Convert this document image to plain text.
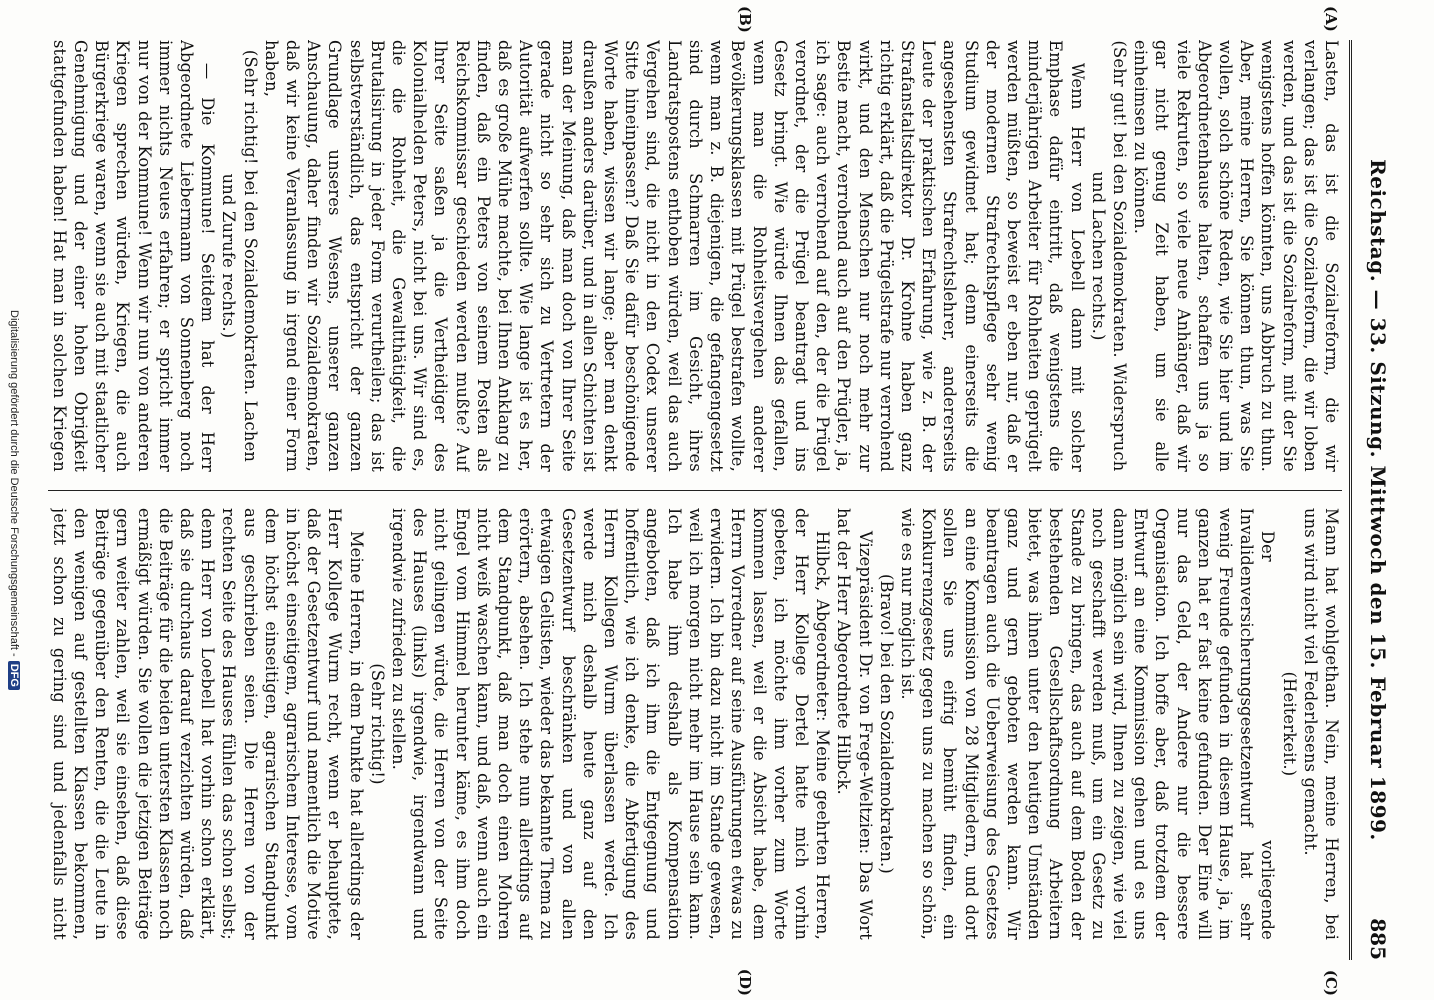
Reichstag. — 33. Sitzung. Mittwoch den 15. Februar 1899.
885
(A)
(B)
(C)
(D)

Lasten, das ist die Sozialreform, die wir verlangen; das ist die Sozialreform, die wir loben werden, und das ist die Sozialreform, mit der Sie wenigstens hoffen könnten, uns Abbruch zu thun. Aber, meine Herren, Sie können thun, was Sie wollen, solch schöne Reden, wie Sie hier und im Abgeordnetenhause halten, schaffen uns ja so viele Rekruten, so viele neue Anhänger, daß wir gar nicht genug Zeit haben, um sie alle einheimsen zu können.

(Sehr gut! bei den Sozialdemokraten. Widerspruch und Lachen rechts.)

Wenn Herr von Loebell dann mit solcher Emphase dafür eintritt, daß wenigstens die minderjährigen Arbeiter für Rohheiten geprügelt werden müßten, so beweist er eben nur, daß er der modernen Strafrechtspflege sehr wenig Studium gewidmet hat; denn einerseits die angesehensten Strafrechtslehrer, andererseits Leute der praktischen Erfahrung, wie z. B. der Strafanstaltsdirektor Dr. Krohne haben ganz richtig erklärt, daß die Prügelstrafe nur verrohend wirkt, und den Menschen nur noch mehr zur Bestie macht, verrohend auch auf den Prügler, ja, ich sage: auch verrohend auf den, der die Prügel verordnet, der die Prügel beantragt und ins Gesetz bringt. Wie würde Ihnen das gefallen, wenn man die Rohheitsvergehen anderer Bevölkerungsklassen mit Prügel bestrafen wollte, wenn man z. B. diejenigen, die gefangengesetzt sind durch Schmarren im Gesicht, ihres Landratspostens enthoben würden, weil das auch Vergehen sind, die nicht in den Codex unserer Sitte hineinpassen? Daß Sie dafür beschönigende Worte haben, wissen wir lange; aber man denkt draußen anders darüber, und in allen Schichten ist man der Meinung, daß man doch von Ihrer Seite gerade nicht so sehr sich zu Vertretern der Autorität aufwerfen sollte. Wie lange ist es her, daß es große Mühe machte, bei Ihnen Anklang zu finden, daß ein Peters von seinem Posten als Reichskommissar geschieden werden mußte? Auf Ihrer Seite saßen ja die Vertheidiger des Kolonialhelden Peters, nicht bei uns. Wir sind es, die die Rohheit, die Gewaltthätigkeit, die Brutalisirung in jeder Form verurtheilen; das ist selbstverständlich, das entspricht der ganzen Grundlage unseres Wesens, unserer ganzen Anschauung, daher finden wir Sozialdemokraten, daß wir keine Veranlassung in irgend einer Form haben,

(Sehr richtig! bei den Sozialdemokraten. Lachen und Zurufe rechts.)

— Die Kommune! Seitdem hat der Herr Abgeordnete Liebermann von Sonnenberg noch immer nichts Neues erfahren; er spricht immer nur von der Kommune! Wenn wir nun von anderen Kriegen sprechen würden, Kriegen, die auch Bürgerkriege waren, wenn sie auch mit staatlicher Genehmigung und der einer hohen Obrigkeit stattgefunden haben! Hat man in solchen Kriegen

Mann hat wohlgethan. Nein, meine Herren, bei uns wird nicht viel Federlesens gemacht.

(Heiterkeit.)

Der vorliegende Invalidenversicherungsgesetzentwurf hat sehr wenig Freunde gefunden in diesem Hause, ja, im ganzen hat er fast keine gefunden. Der Eine will nur das Geld, der Andere nur die bessere Organisation. Ich hoffe aber, daß trotzdem der Entwurf an eine Kommission gehen und es uns dann möglich sein wird, Ihnen zu zeigen, wie viel noch geschafft werden muß, um ein Gesetz zu Stande zu bringen, das auch auf dem Boden der bestehenden Gesellschaftsordnung Arbeitern bietet, was ihnen unter den heutigen Umständen ganz und gern geboten werden kann. Wir beantragen auch die Ueberweisung des Gesetzes an eine Kommission von 28 Mitgliedern, und dort sollen Sie uns eifrig bemüht finden, ein Konkurrenzgesetz gegen uns zu machen so schön, wie es nur möglich ist.

(Bravo! bei den Sozialdemokraten.)

Vizepräsident Dr. von Frege-Weltzien: Das Wort hat der Herr Abgeordnete Hilbck.

Hilbck, Abgeordneter: Meine geehrten Herren, der Herr Kollege Dertel hatte mich vorhin gebeten, ich möchte ihm vorher zum Worte kommen lassen, weil er die Absicht habe, dem Herrn Vorredner auf seine Ausführungen etwas zu erwidern. Ich bin dazu nicht im Stande gewesen, weil ich morgen nicht mehr im Hause sein kann. Ich habe ihm deshalb als Kompensation angeboten, daß ich ihm die Entgegnung und hoffentlich, wie ich denke, die Abfertigung des Herrn Kollegen Wurm überlassen werde. Ich werde mich deshalb heute ganz auf den Gesetzentwurf beschränken und von allen etwaigen Gelüsten, wieder das bekannte Thema zu erörtern, absehen. Ich stehe nun allerdings auf dem Standpunkt, daß man doch einen Mohren nicht weiß waschen kann, und daß, wenn auch ein Engel vom Himmel herunter käme, es ihm doch nicht gelingen würde, die Herren von der Seite des Hauses (links) irgendwie, irgendwann und irgendwie zufrieden zu stellen.

(Sehr richtig!)

Meine Herren, in dem Punkte hat allerdings der Herr Kollege Wurm recht, wenn er behauptete, daß der Gesetzentwurf und namentlich die Motive in höchst einseitigem, agrarischem Interesse, vom dem höchst einseitigen, agrarischen Standpunkt aus geschrieben seien. Die Herren von der rechten Seite des Hauses fühlen das schon selbst; denn Herr von Loebell hat vorhin schon erklärt, daß sie durchaus darauf verzichten würden, daß die Beiträge für die beiden untersten Klassen noch ermäßigt würden. Sie wollen die jetzigen Beiträge gern weiter zahlen, weil sie einsehen, daß diese Beiträge gegenüber den Renten, die die Leute in den wenigen auf gestellten Klassen bekommen, jetzt schon zu gering sind und jedenfalls nicht

Digitalisierung gefördert durch die Deutsche Forschungsgemeinschaft -DFG
